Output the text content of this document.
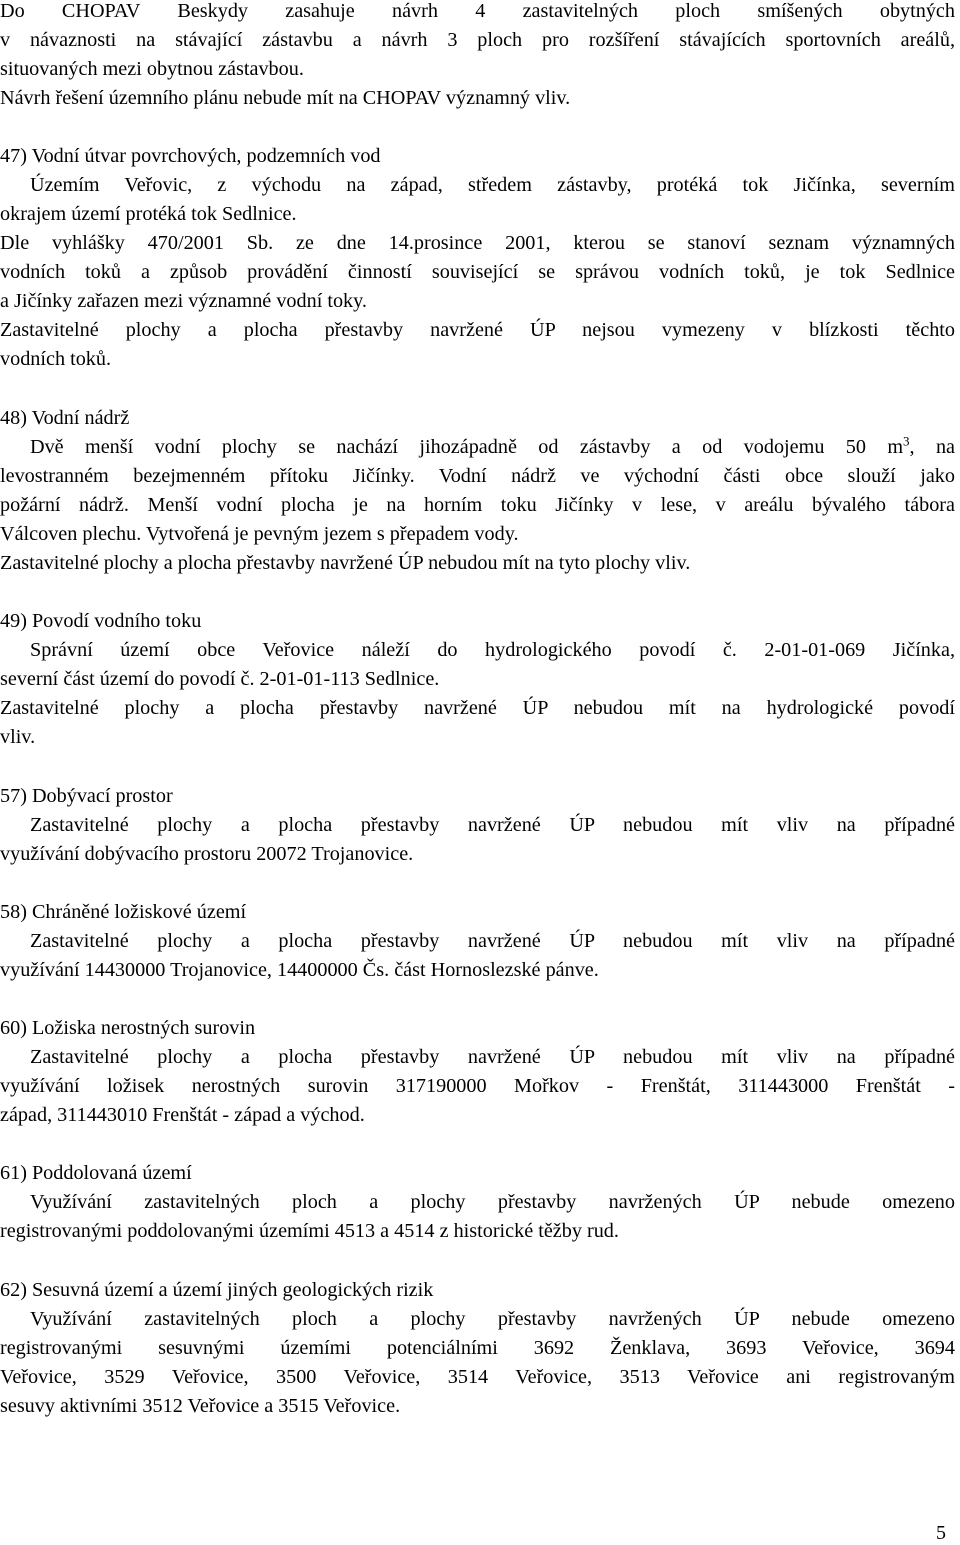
Do CHOPAV Beskydy zasahuje návrh 4 zastavitelných ploch smíšených obytných
v návaznosti na stávající zástavbu a návrh 3 ploch pro rozšíření stávajících sportovních areálů,
situovaných mezi obytnou zástavbou.
Návrh řešení územního plánu nebude mít na CHOPAV významný vliv.
47) Vodní útvar povrchových, podzemních vod
Územím Veřovic, z východu na západ, středem zástavby, protéká tok Jičínka, severním
okrajem území protéká tok Sedlnice.
Dle vyhlášky 470/2001 Sb. ze dne 14.prosince 2001, kterou se stanoví seznam významných
vodních toků a způsob provádění činností související se správou vodních toků, je tok Sedlnice
a Jičínky zařazen mezi významné vodní toky.
Zastavitelné plochy a plocha přestavby navržené ÚP nejsou vymezeny v blízkosti těchto
vodních toků.
48) Vodní nádrž
Dvě menší vodní plochy se nachází jihozápadně od zástavby a od vodojemu 50 $m^3$, na
levostranném bezejmenném přítoku Jičínky. Vodní nádrž ve východní části obce slouží jako
požární nádrž. Menší vodní plocha je na horním toku Jičínky v lese, v areálu bývalého tábora
Válcoven plechu. Vytvořená je pevným jezem s přepadem vody.
Zastavitelné plochy a plocha přestavby navržené ÚP nebudou mít na tyto plochy vliv.
49) Povodí vodního toku
Správní území obce Veřovice náleží do hydrologického povodí č. 2-01-01-069 Jičínka,
severní část území do povodí č. 2-01-01-113 Sedlnice.
Zastavitelné plochy a plocha přestavby navržené ÚP nebudou mít na hydrologické povodí
vliv.
57) Dobývací prostor
Zastavitelné plochy a plocha přestavby navržené ÚP nebudou mít vliv na případné
využívání dobývacího prostoru 20072 Trojanovice.
58) Chráněné ložiskové území
Zastavitelné plochy a plocha přestavby navržené ÚP nebudou mít vliv na případné
využívání 14430000 Trojanovice, 14400000 Čs. část Hornoslezské pánve.
60) Ložiska nerostných surovin
Zastavitelné plochy a plocha přestavby navržené ÚP nebudou mít vliv na případné
využívání ložisek nerostných surovin 317190000 Mořkov - Frenštát, 311443000 Frenštát -
západ, 311443010 Frenštát - západ a východ.
61) Poddolovaná území
Využívání zastavitelných ploch a plochy přestavby navržených ÚP nebude omezeno
registrovanými poddolovanými územími 4513 a 4514 z historické těžby rud.
62) Sesuvná území a území jiných geologických rizik
Využívání zastavitelných ploch a plochy přestavby navržených ÚP nebude omezeno
registrovanými sesuvnými územími potenciálními 3692 Ženklava, 3693 Veřovice, 3694
Veřovice, 3529 Veřovice, 3500 Veřovice, 3514 Veřovice, 3513 Veřovice ani registrovaným
sesuvy aktivními 3512 Veřovice a 3515 Veřovice.
5
